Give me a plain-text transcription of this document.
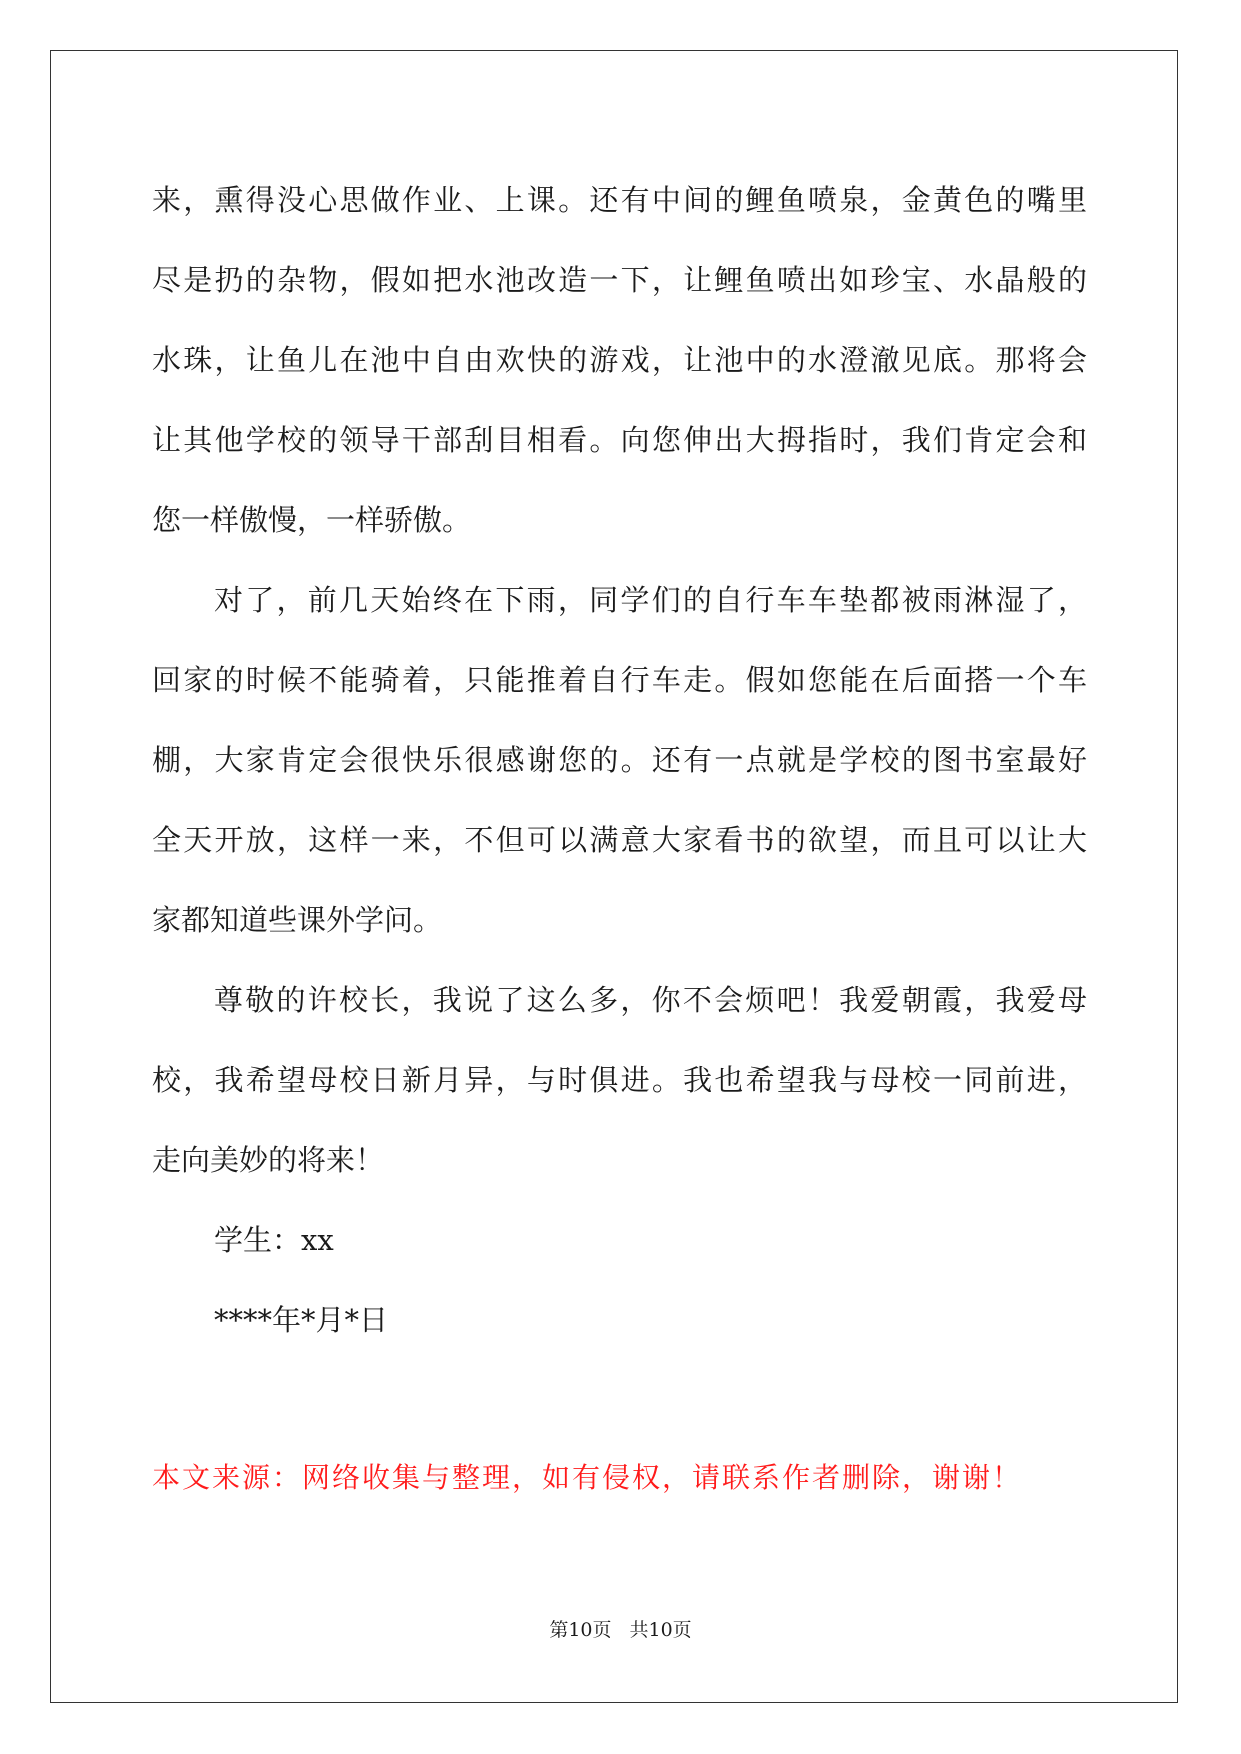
来，熏得没心思做作业、上课。还有中间的鲤鱼喷泉，金黄色的嘴里
尽是扔的杂物，假如把水池改造一下，让鲤鱼喷出如珍宝、水晶般的
水珠，让鱼儿在池中自由欢快的游戏，让池中的水澄澈见底。那将会
让其他学校的领导干部刮目相看。向您伸出大拇指时，我们肯定会和
您一样傲慢，一样骄傲。
对了，前几天始终在下雨，同学们的自行车车垫都被雨淋湿了，
回家的时候不能骑着，只能推着自行车走。假如您能在后面搭一个车
棚，大家肯定会很快乐很感谢您的。还有一点就是学校的图书室最好
全天开放，这样一来，不但可以满意大家看书的欲望，而且可以让大
家都知道些课外学问。
尊敬的许校长，我说了这么多，你不会烦吧！我爱朝霞，我爱母
校，我希望母校日新月异，与时俱进。我也希望我与母校一同前进，
走向美妙的将来！
学生：xx
****年*月*日
本文来源：网络收集与整理，如有侵权，请联系作者删除，谢谢！
第10页 共10页
